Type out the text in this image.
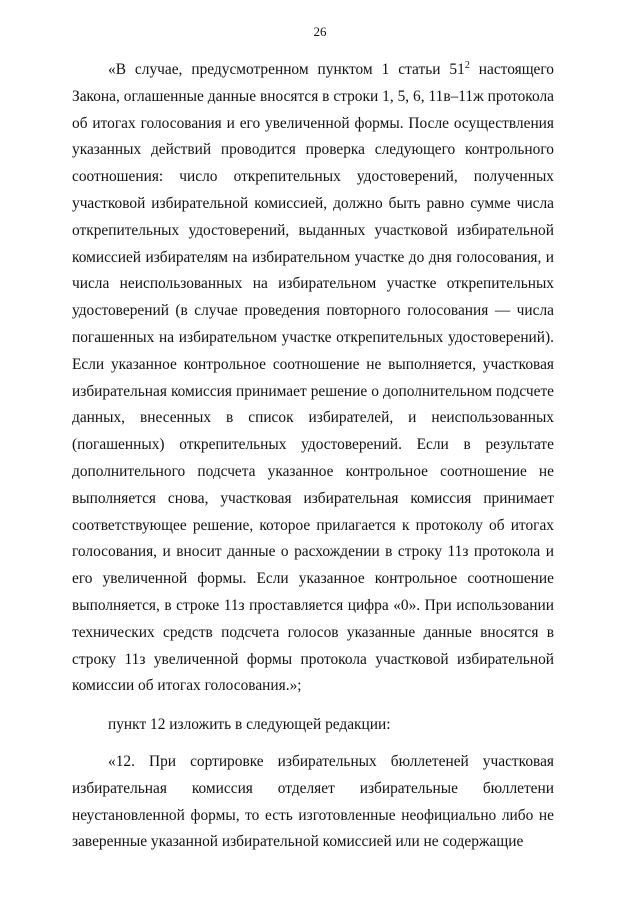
26

«В случае, предусмотренном пунктом 1 статьи $51^2$ настоящего Закона, оглашенные данные вносятся в строки 1, 5, 6, 11в–11ж протокола об итогах голосования и его увеличенной формы. После осуществления указанных действий проводится проверка следующего контрольного соотношения: число открепительных удостоверений, полученных участковой избирательной комиссией, должно быть равно сумме числа открепительных удостоверений, выданных участковой избирательной комиссией избирателям на избирательном участке до дня голосования, и числа неиспользованных на избирательном участке открепительных удостоверений (в случае проведения повторного голосования — числа погашенных на избирательном участке открепительных удостоверений). Если указанное контрольное соотношение не выполняется, участковая избирательная комиссия принимает решение о дополнительном подсчете данных, внесенных в список избирателей, и неиспользованных (погашенных) открепительных удостоверений. Если в результате дополнительного подсчета указанное контрольное соотношение не выполняется снова, участковая избирательная комиссия принимает соответствующее решение, которое прилагается к протоколу об итогах голосования, и вносит данные о расхождении в строку 11з протокола и его увеличенной формы. Если указанное контрольное соотношение выполняется, в строке 11з проставляется цифра «0». При использовании технических средств подсчета голосов указанные данные вносятся в строку 11з увеличенной формы протокола участковой избирательной комиссии об итогах голосования.»;

пункт 12 изложить в следующей редакции:

«12. При сортировке избирательных бюллетеней участковая избирательная комиссия отделяет избирательные бюллетени неустановленной формы, то есть изготовленные неофициально либо не заверенные указанной избирательной комиссией или не содержащие
